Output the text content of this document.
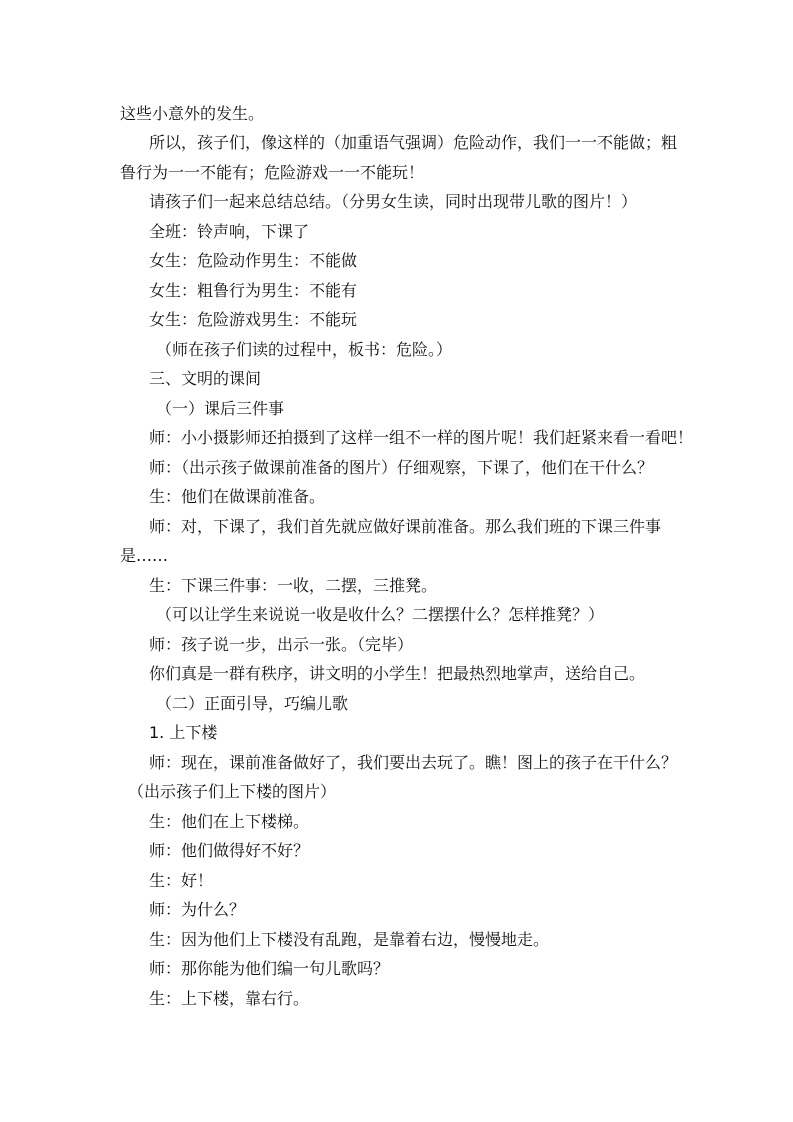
这些小意外的发生。
所以，孩子们，像这样的（加重语气强调）危险动作，我们一一不能做；粗
鲁行为一一不能有；危险游戏一一不能玩！
请孩子们一起来总结总结。（分男女生读，同时出现带儿歌的图片！）
全班：铃声响，下课了
女生：危险动作男生：不能做
女生：粗鲁行为男生：不能有
女生：危险游戏男生：不能玩
（师在孩子们读的过程中，板书：危险。）
三、文明的课间
（一）课后三件事
师：小小摄影师还拍摄到了这样一组不一样的图片呢！我们赶紧来看一看吧！
师：（出示孩子做课前准备的图片）仔细观察，下课了，他们在干什么？
生：他们在做课前准备。
师：对，下课了，我们首先就应做好课前准备。那么我们班的下课三件事
是……
生：下课三件事：一收，二摆，三推凳。
（可以让学生来说说一收是收什么？二摆摆什么？怎样推凳？）
师：孩子说一步，出示一张。（完毕）
你们真是一群有秩序，讲文明的小学生！把最热烈地掌声，送给自己。
（二）正面引导，巧编儿歌
1. 上下楼
师：现在，课前准备做好了，我们要出去玩了。瞧！图上的孩子在干什么？
（出示孩子们上下楼的图片）
生：他们在上下楼梯。
师：他们做得好不好？
生：好！
师：为什么？
生：因为他们上下楼没有乱跑，是靠着右边，慢慢地走。
师：那你能为他们编一句儿歌吗？
生：上下楼，靠右行。
